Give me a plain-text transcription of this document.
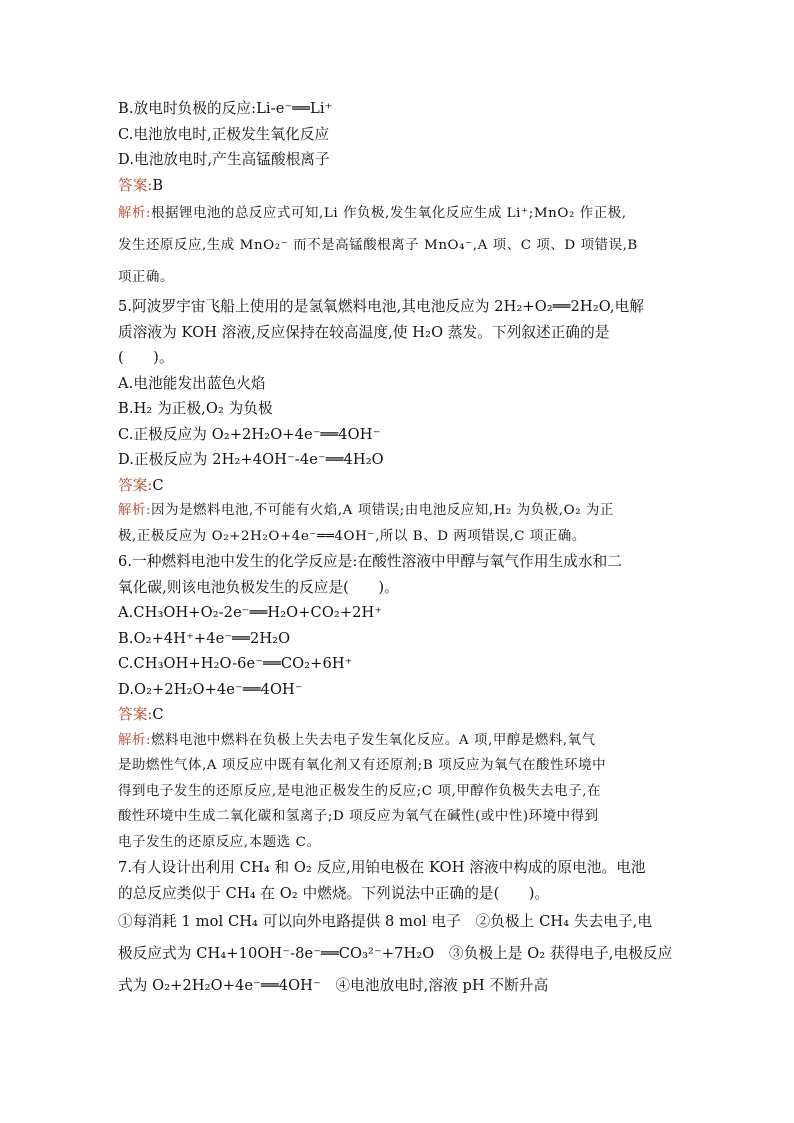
B.放电时负极的反应:Li-e⁻══Li⁺
C.电池放电时,正极发生氧化反应
D.电池放电时,产生高锰酸根离子
答案:B
解析:根据锂电池的总反应式可知,Li 作负极,发生氧化反应生成 Li⁺;MnO₂ 作正极,
发生还原反应,生成 MnO₂⁻ 而不是高锰酸根离子 MnO₄⁻,A 项、C 项、D 项错误,B
项正确。
5.阿波罗宇宙飞船上使用的是氢氧燃料电池,其电池反应为 2H₂+O₂══2H₂O,电解
质溶液为 KOH 溶液,反应保持在较高温度,使 H₂O 蒸发。下列叙述正确的是
(　　)。
A.电池能发出蓝色火焰
B.H₂ 为正极,O₂ 为负极
C.正极反应为 O₂+2H₂O+4e⁻══4OH⁻
D.正极反应为 2H₂+4OH⁻-4e⁻══4H₂O
答案:C
解析:因为是燃料电池,不可能有火焰,A 项错误;由电池反应知,H₂ 为负极,O₂ 为正
极,正极反应为 O₂+2H₂O+4e⁻══4OH⁻,所以 B、D 两项错误,C 项正确。
6.一种燃料电池中发生的化学反应是:在酸性溶液中甲醇与氧气作用生成水和二
氧化碳,则该电池负极发生的反应是(　　)。
A.CH₃OH+O₂-2e⁻══H₂O+CO₂+2H⁺
B.O₂+4H⁺+4e⁻══2H₂O
C.CH₃OH+H₂O-6e⁻══CO₂+6H⁺
D.O₂+2H₂O+4e⁻══4OH⁻
答案:C
解析:燃料电池中燃料在负极上失去电子发生氧化反应。A 项,甲醇是燃料,氧气
是助燃性气体,A 项反应中既有氧化剂又有还原剂;B 项反应为氧气在酸性环境中
得到电子发生的还原反应,是电池正极发生的反应;C 项,甲醇作负极失去电子,在
酸性环境中生成二氧化碳和氢离子;D 项反应为氧气在碱性(或中性)环境中得到
电子发生的还原反应,本题选 C。
7.有人设计出利用 CH₄ 和 O₂ 反应,用铂电极在 KOH 溶液中构成的原电池。电池
的总反应类似于 CH₄ 在 O₂ 中燃烧。下列说法中正确的是(　　)。
①每消耗 1 mol CH₄ 可以向外电路提供 8 mol 电子　②负极上 CH₄ 失去电子,电
极反应式为 CH₄+10OH⁻-8e⁻══CO₃²⁻+7H₂O　③负极上是 O₂ 获得电子,电极反应
式为 O₂+2H₂O+4e⁻══4OH⁻　④电池放电时,溶液 pH 不断升高
